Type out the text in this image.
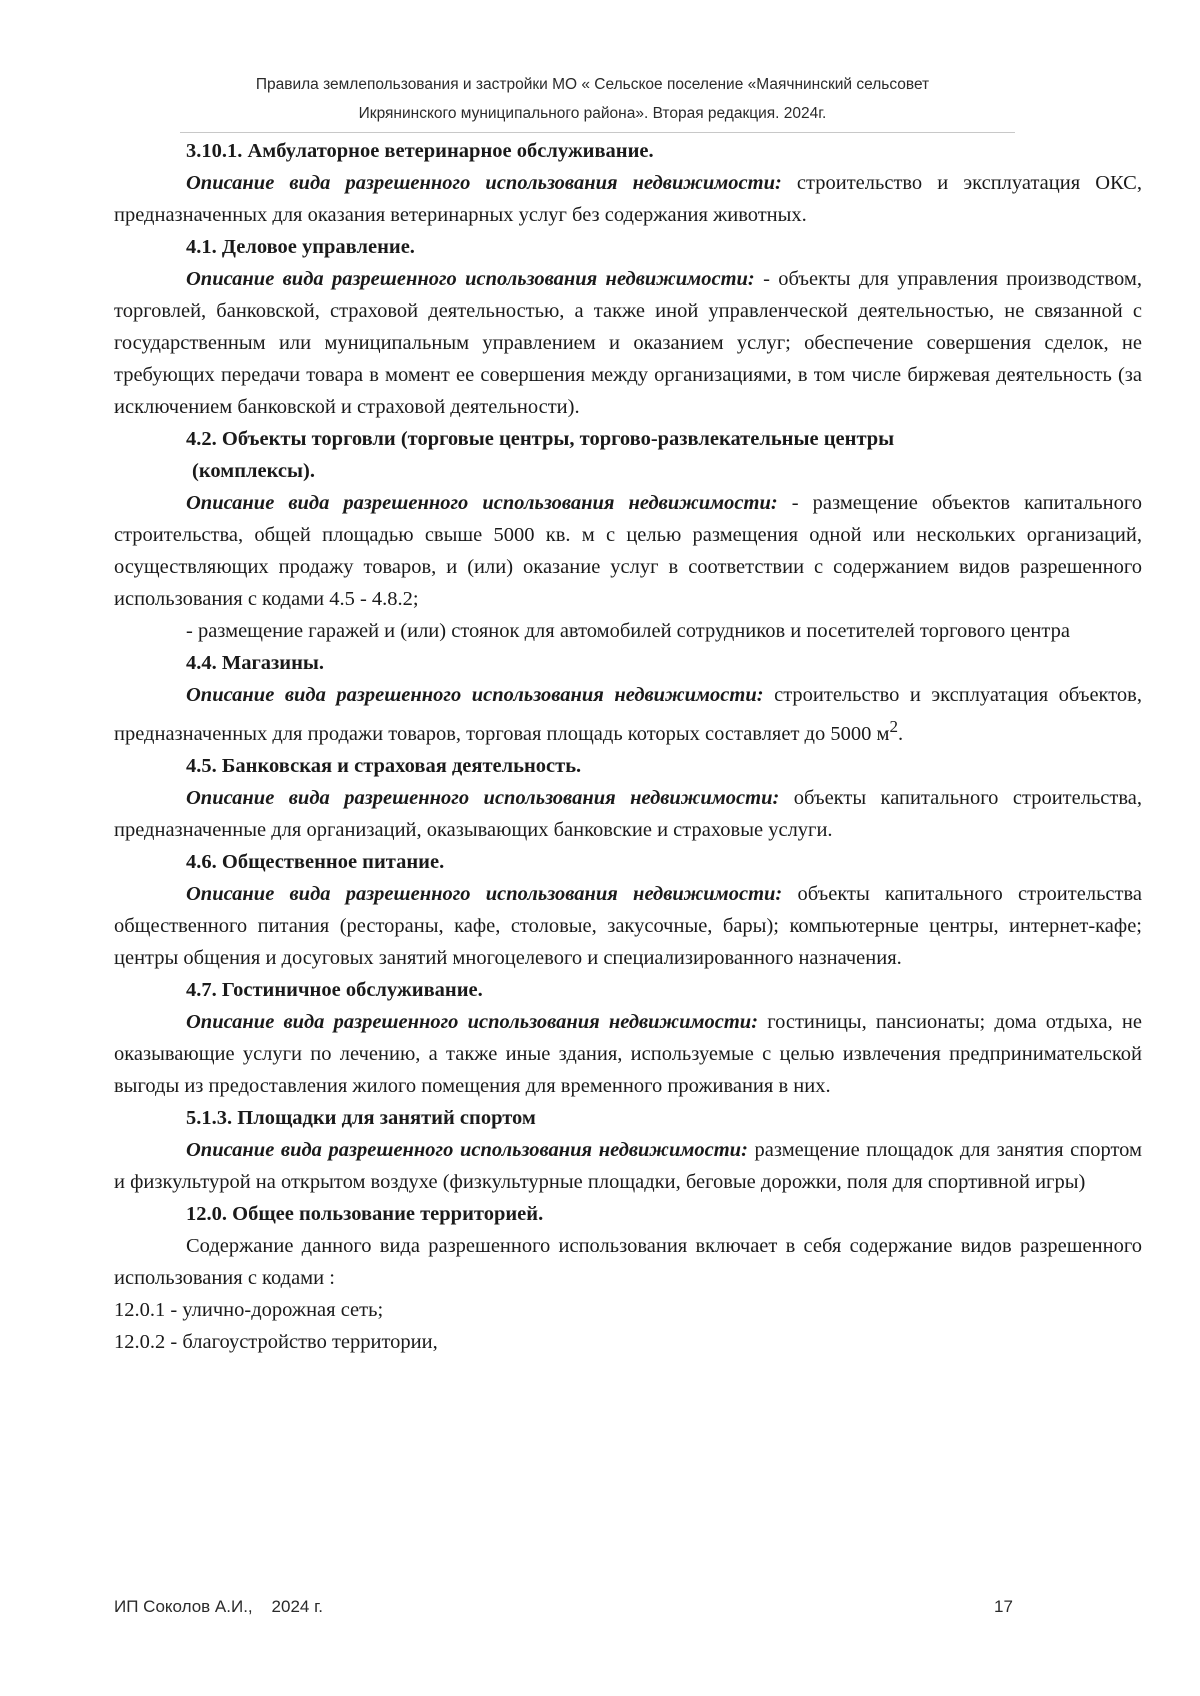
Правила землепользования и застройки МО « Сельское поселение «Маячнинский сельсовет
Икрянинского муниципального района». Вторая редакция. 2024г.

3.10.1. Амбулаторное ветеринарное обслуживание.

Описание вида разрешенного использования недвижимости: строительство и эксплуатация ОКС, предназначенных для оказания ветеринарных услуг без содержания животных.

4.1. Деловое управление.

Описание вида разрешенного использования недвижимости: - объекты для управления производством, торговлей, банковской, страховой деятельностью, а также иной управленческой деятельностью, не связанной с государственным или муниципальным управлением и оказанием услуг; обеспечение совершения сделок, не требующих передачи товара в момент ее совершения между организациями, в том числе биржевая деятельность (за исключением банковской и страховой деятельности).

4.2. Объекты торговли (торговые центры, торгово-развлекательные центры

(комплексы).

Описание вида разрешенного использования недвижимости: - размещение объектов капитального строительства, общей площадью свыше 5000 кв. м с целью размещения одной или нескольких организаций, осуществляющих продажу товаров, и (или) оказание услуг в соответствии с содержанием видов разрешенного использования с кодами 4.5 - 4.8.2;

- размещение гаражей и (или) стоянок для автомобилей сотрудников и посетителей торгового центра

4.4. Магазины.

Описание вида разрешенного использования недвижимости: строительство и эксплуатация объектов, предназначенных для продажи товаров, торговая площадь которых составляет до 5000 $м^2$.

4.5. Банковская и страховая деятельность.

Описание вида разрешенного использования недвижимости: объекты капитального строительства, предназначенные для организаций, оказывающих банковские и страховые услуги.

4.6. Общественное питание.

Описание вида разрешенного использования недвижимости: объекты капитального строительства общественного питания (рестораны, кафе, столовые, закусочные, бары); компьютерные центры, интернет-кафе; центры общения и досуговых занятий многоцелевого и специализированного назначения.

4.7. Гостиничное обслуживание.

Описание вида разрешенного использования недвижимости: гостиницы, пансионаты; дома отдыха, не оказывающие услуги по лечению, а также иные здания, используемые с целью извлечения предпринимательской выгоды из предоставления жилого помещения для временного проживания в них.

5.1.3. Площадки для занятий спортом

Описание вида разрешенного использования недвижимости: размещение площадок для занятия спортом и физкультурой на открытом воздухе (физкультурные площадки, беговые дорожки, поля для спортивной игры)

12.0. Общее пользование территорией.

Содержание данного вида разрешенного использования включает в себя содержание видов разрешенного использования с кодами :

12.0.1 - улично-дорожная сеть;

12.0.2 - благоустройство территории,

ИП Соколов А.И.,    2024 г.	17
